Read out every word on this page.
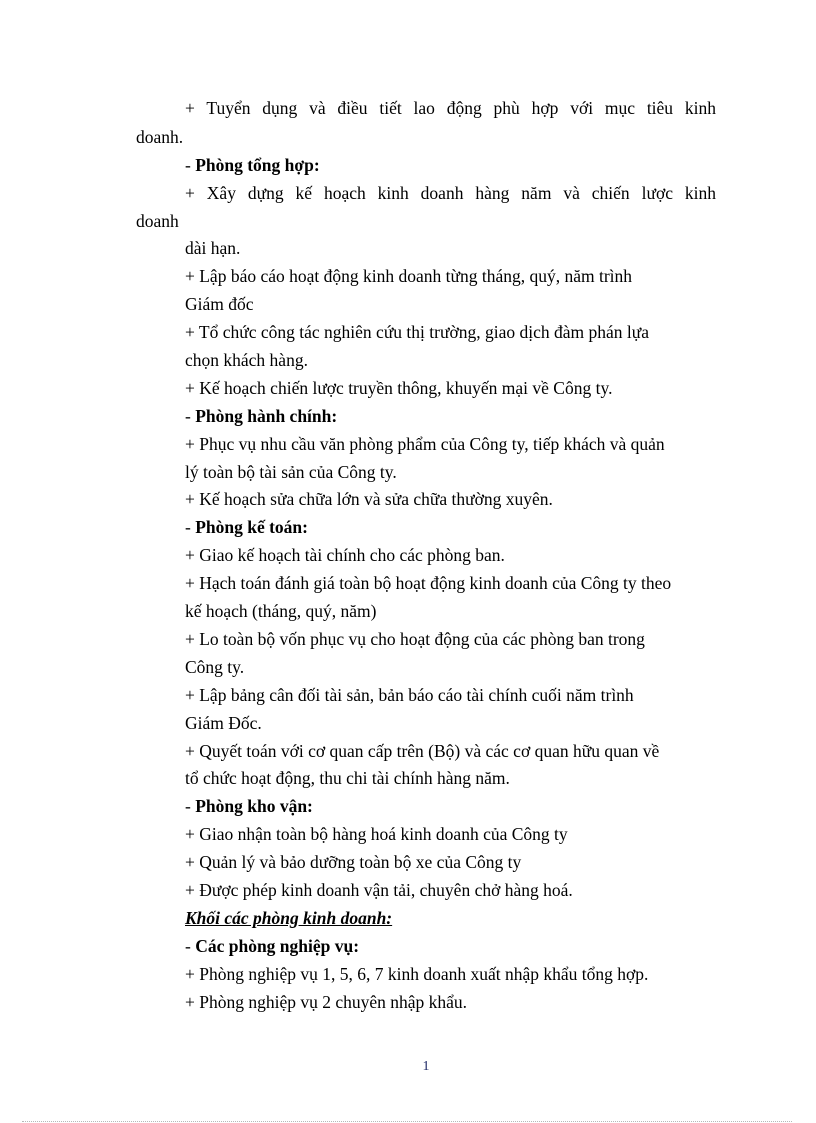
+ Tuyển dụng và điều tiết lao động phù hợp với mục tiêu kinh
doanh.
- Phòng tổng hợp:
+ Xây dựng kế hoạch kinh doanh hàng năm và chiến lược kinh
doanh
dài hạn.
+ Lập báo cáo hoạt động kinh doanh từng tháng, quý, năm trình
Giám đốc
+ Tổ chức công tác nghiên cứu thị trường, giao dịch đàm phán lựa
chọn khách hàng.
+ Kế hoạch chiến lược truyền thông, khuyến mại về Công ty.
- Phòng hành chính:
+ Phục vụ nhu cầu văn phòng phẩm của Công ty, tiếp khách và quản
lý toàn bộ tài sản của Công ty.
+ Kế hoạch sửa chữa lớn và sửa chữa thường xuyên.
- Phòng kế toán:
+ Giao kế hoạch tài chính cho các phòng ban.
+ Hạch toán đánh giá toàn bộ hoạt động kinh doanh của Công ty theo
kế hoạch (tháng, quý, năm)
+ Lo toàn bộ vốn phục vụ cho hoạt động của các phòng ban trong
Công ty.
+ Lập bảng cân đối tài sản, bản báo cáo tài chính cuối năm trình
Giám Đốc.
+ Quyết toán với cơ quan cấp trên (Bộ) và các cơ quan hữu quan về
tổ chức hoạt động, thu chi tài chính hàng năm.
- Phòng kho vận:
+ Giao nhận toàn bộ hàng hoá kinh doanh của Công ty
+ Quản lý và bảo dưỡng toàn bộ xe của Công ty
+ Được phép kinh doanh vận tải, chuyên chở hàng hoá.
Khối các phòng kinh doanh:
- Các phòng nghiệp vụ:
+ Phòng nghiệp vụ 1, 5, 6, 7 kinh doanh xuất nhập khẩu tổng hợp.
+ Phòng nghiệp vụ 2 chuyên nhập khẩu.
1
